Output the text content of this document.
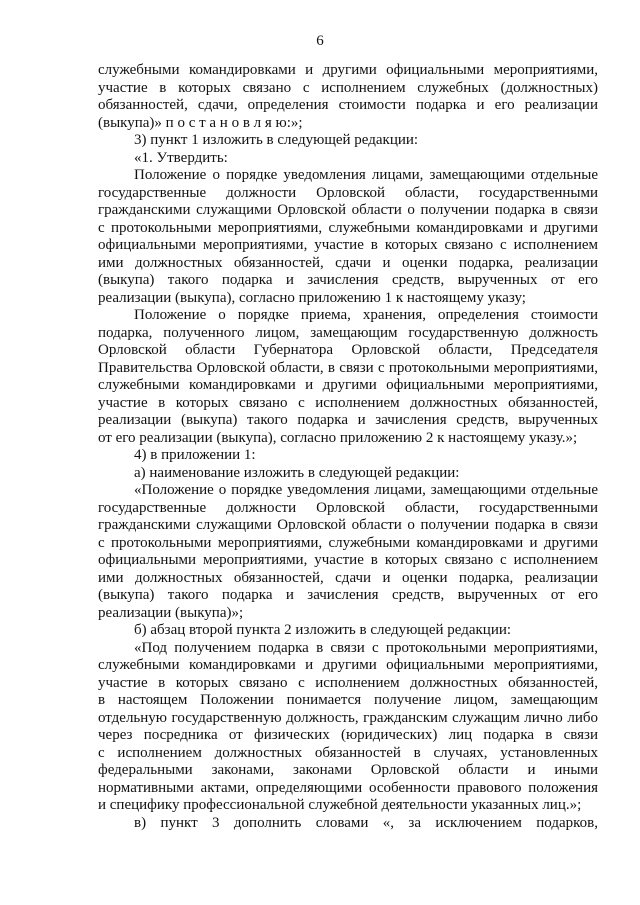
6
служебными командировками и другими официальными мероприятиями,
участие в которых связано с исполнением служебных (должностных)
обязанностей, сдачи, определения стоимости подарка и его реализации
(выкупа)» п о с т а н о в л я ю:»;
3) пункт 1 изложить в следующей редакции:
«1. Утвердить:
Положение о порядке уведомления лицами, замещающими отдельные
государственные должности Орловской области, государственными
гражданскими служащими Орловской области о получении подарка в связи
с протокольными мероприятиями, служебными командировками и другими
официальными мероприятиями, участие в которых связано с исполнением
ими должностных обязанностей, сдачи и оценки подарка, реализации
(выкупа) такого подарка и зачисления средств, вырученных от его
реализации (выкупа), согласно приложению 1 к настоящему указу;
Положение о порядке приема, хранения, определения стоимости
подарка, полученного лицом, замещающим государственную должность
Орловской области Губернатора Орловской области, Председателя
Правительства Орловской области, в связи с протокольными мероприятиями,
служебными командировками и другими официальными мероприятиями,
участие в которых связано с исполнением должностных обязанностей,
реализации (выкупа) такого подарка и зачисления средств, вырученных
от его реализации (выкупа), согласно приложению 2 к настоящему указу.»;
4) в приложении 1:
а) наименование изложить в следующей редакции:
«Положение о порядке уведомления лицами, замещающими отдельные
государственные должности Орловской области, государственными
гражданскими служащими Орловской области о получении подарка в связи
с протокольными мероприятиями, служебными командировками и другими
официальными мероприятиями, участие в которых связано с исполнением
ими должностных обязанностей, сдачи и оценки подарка, реализации
(выкупа) такого подарка и зачисления средств, вырученных от его
реализации (выкупа)»;
б) абзац второй пункта 2 изложить в следующей редакции:
«Под получением подарка в связи с протокольными мероприятиями,
служебными командировками и другими официальными мероприятиями,
участие в которых связано с исполнением должностных обязанностей,
в настоящем Положении понимается получение лицом, замещающим
отдельную государственную должность, гражданским служащим лично либо
через посредника от физических (юридических) лиц подарка в связи
с исполнением должностных обязанностей в случаях, установленных
федеральными законами, законами Орловской области и иными
нормативными актами, определяющими особенности правового положения
и специфику профессиональной служебной деятельности указанных лиц.»;
в) пункт 3 дополнить словами «, за исключением подарков,
